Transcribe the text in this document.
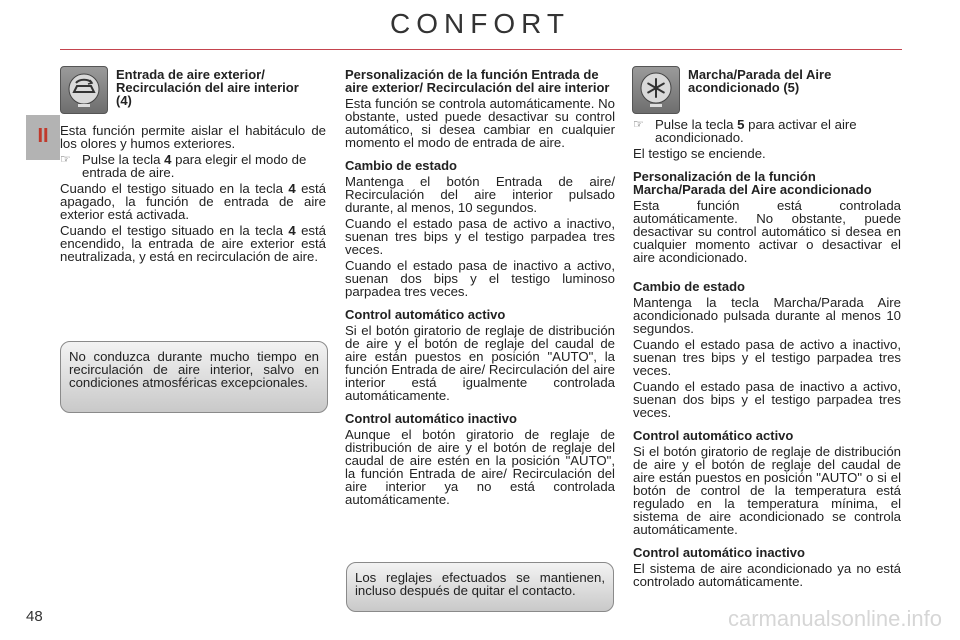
CONFORT
II
Entrada de aire exterior/ Recirculación del aire interior (4)

Esta función permite aislar el habitáculo de los olores y humos exteriores.

☞ Pulse la tecla 4 para elegir el modo de entrada de aire.

Cuando el testigo situado en la tecla 4 está apagado, la función de entrada de aire exterior está activada.

Cuando el testigo situado en la tecla 4 está encendido, la entrada de aire exterior está neutralizada, y está en recirculación de aire.

No conduzca durante mucho tiempo en recirculación de aire interior, salvo en condiciones atmosféricas excepcionales.
Personalización de la función Entrada de aire exterior/ Recirculación del aire interior

Esta función se controla automáticamente. No obstante, usted puede desactivar su control automático, si desea cambiar en cualquier momento el modo de entrada de aire.

Cambio de estado

Mantenga el botón Entrada de aire/ Recirculación del aire interior pulsado durante, al menos, 10 segundos.

Cuando el estado pasa de activo a inactivo, suenan tres bips y el testigo parpadea tres veces.

Cuando el estado pasa de inactivo a activo, suenan dos bips y el testigo luminoso parpadea tres veces.

Control automático activo

Si el botón giratorio de reglaje de distribución de aire y el botón de reglaje del caudal de aire están puestos en posición "AUTO", la función Entrada de aire/ Recirculación del aire interior está igualmente controlada automáticamente.

Control automático inactivo

Aunque el botón giratorio de reglaje de distribución de aire y el botón de reglaje del caudal de aire estén en la posición "AUTO", la función Entrada de aire/ Recirculación del aire interior ya no está controlada automáticamente.

Los reglajes efectuados se mantienen, incluso después de quitar el contacto.
Marcha/Parada del Aire acondicionado (5)
☞ Pulse la tecla 5 para activar el aire acondicionado.

El testigo se enciende.

Personalización de la función Marcha/Parada del Aire acondicionado

Esta función está controlada automáticamente. No obstante, puede desactivar su control automático si desea en cualquier momento activar o desactivar el aire acondicionado.

Cambio de estado

Mantenga la tecla Marcha/Parada Aire acondicionado pulsada durante al menos 10 segundos.

Cuando el estado pasa de activo a inactivo, suenan tres bips y el testigo parpadea tres veces.

Cuando el estado pasa de inactivo a activo, suenan dos bips y el testigo parpadea tres veces.

Control automático activo

Si el botón giratorio de reglaje de distribución de aire y el botón de reglaje del caudal de aire están puestos en posición "AUTO" o si el botón de control de la temperatura está regulado en la temperatura mínima, el sistema de aire acondicionado se controla automáticamente.

Control automático inactivo

El sistema de aire acondicionado ya no está controlado automáticamente.

48	carmanualsonline.info
